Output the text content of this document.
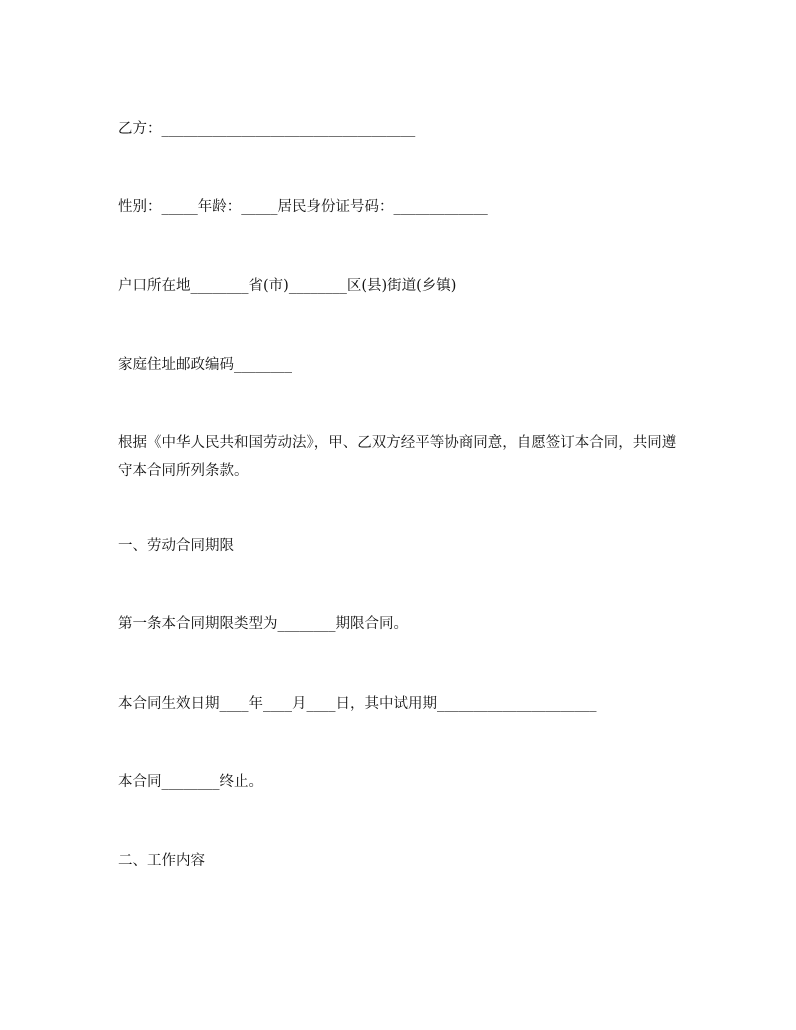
乙方：___________________________________

性别：_____年龄：_____居民身份证号码：_____________

户口所在地________省(市)________区(县)街道(乡镇)

家庭住址邮政编码________

根据《中华人民共和国劳动法》，甲、乙双方经平等协商同意，自愿签订本合同，共同遵守本合同所列条款。

一、劳动合同期限

第一条本合同期限类型为________期限合同。

本合同生效日期____年____月____日，其中试用期______________________

本合同________终止。

二、工作内容
